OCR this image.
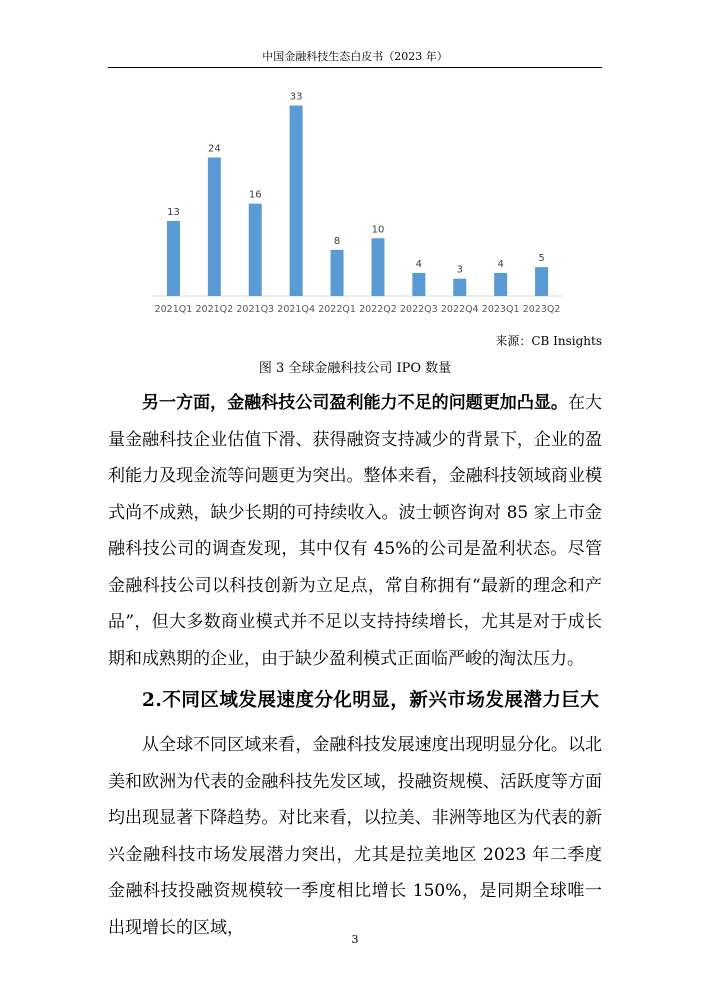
中国金融科技生态白皮书（2023 年）
13
2021Q1
24
2021Q2
16
2021Q3
33
2021Q4
8
2022Q1
10
2022Q2
4
2022Q3
3
2022Q4
4
2023Q1
5
2023Q2
来源：CB Insights
图 3 全球金融科技公司 IPO 数量
另一方面，金融科技公司盈利能力不足的问题更加凸显。在大量金融科技企业估值下滑、获得融资支持减少的背景下，企业的盈利能力及现金流等问题更为突出。整体来看，金融科技领域商业模式尚不成熟，缺少长期的可持续收入。波士顿咨询对 85 家上市金融科技公司的调查发现，其中仅有 45%的公司是盈利状态。尽管金融科技公司以科技创新为立足点，常自称拥有“最新的理念和产品”，但大多数商业模式并不足以支持持续增长，尤其是对于成长期和成熟期的企业，由于缺少盈利模式正面临严峻的淘汰压力。
2.不同区域发展速度分化明显，新兴市场发展潜力巨大
从全球不同区域来看，金融科技发展速度出现明显分化。以北美和欧洲为代表的金融科技先发区域，投融资规模、活跃度等方面均出现显著下降趋势。对比来看，以拉美、非洲等地区为代表的新兴金融科技市场发展潜力突出，尤其是拉美地区 2023 年二季度金融科技投融资规模较一季度相比增长 150%，是同期全球唯一出现增长的区域，
3
